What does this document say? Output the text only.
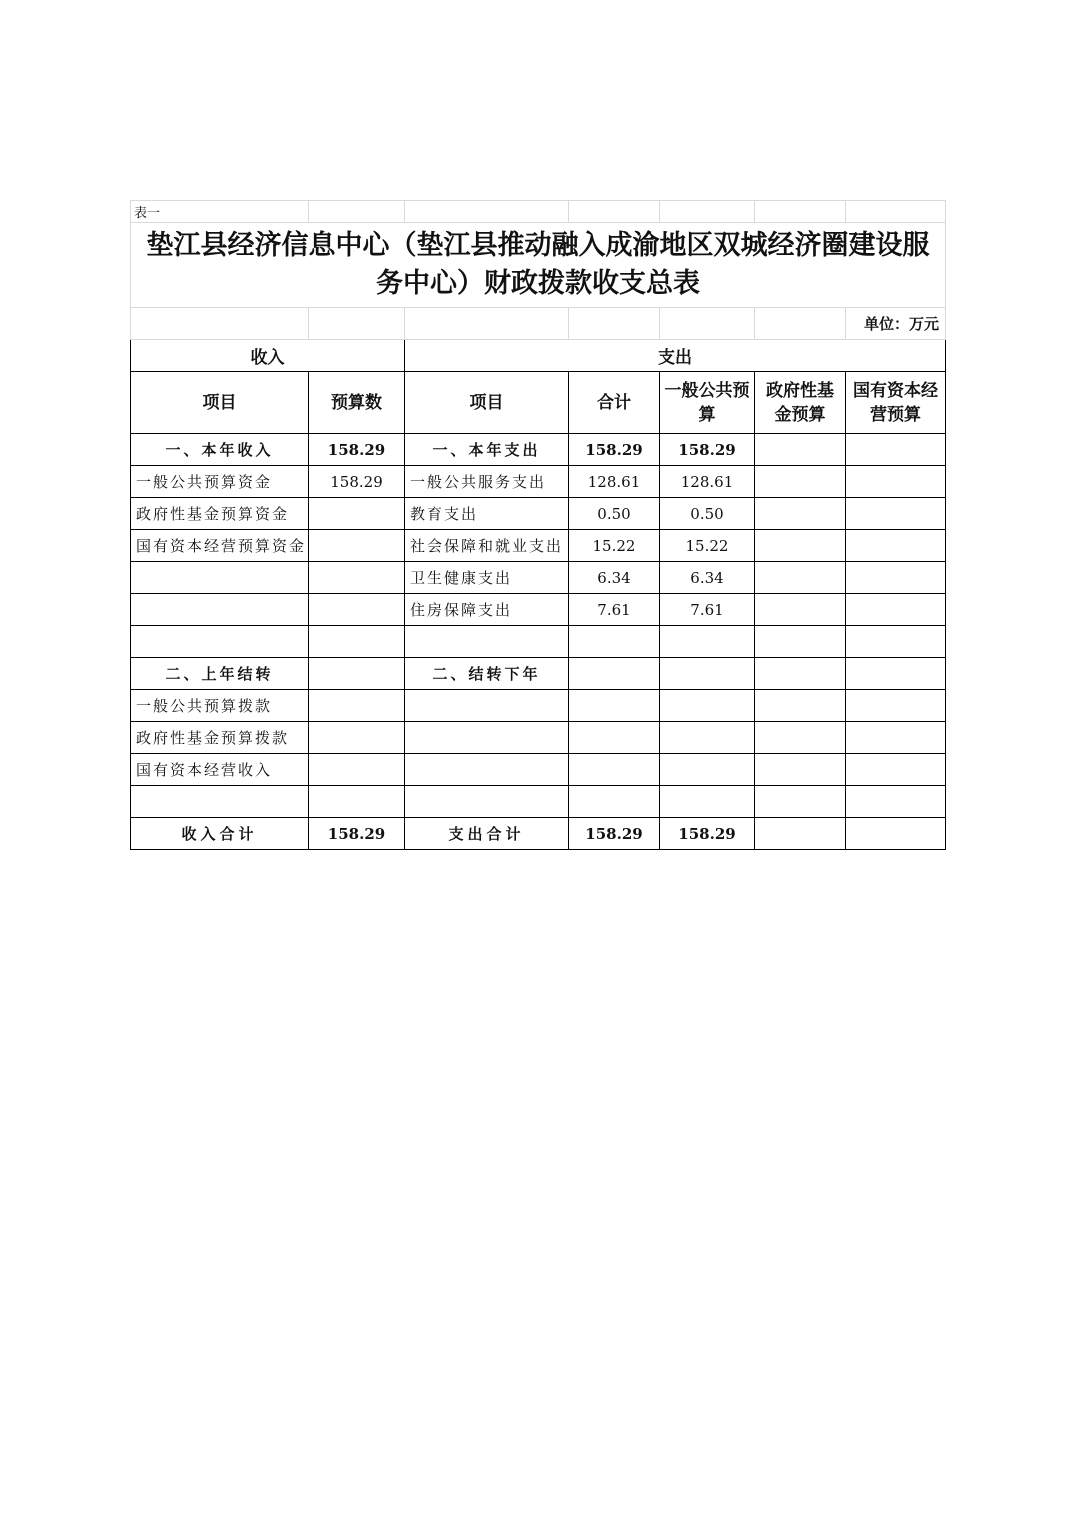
表一						
垫江县经济信息中心（垫江县推动融入成渝地区双城经济圈建设服务中心）财政拨款收支总表						
						单位：万元
收入		支出				
项目	预算数	项目	合计	一般公共预算	政府性基金预算	国有资本经营预算
一、本年收入	158.29	一、本年支出	158.29	158.29		
一般公共预算资金	158.29	一般公共服务支出	128.61	128.61		
政府性基金预算资金		教育支出	0.50	0.50		
国有资本经营预算资金		社会保障和就业支出	15.22	15.22		
		卫生健康支出	6.34	6.34		
		住房保障支出	7.61	7.61		

二、上年结转		二、结转下年				
一般公共预算拨款						
政府性基金预算拨款						
国有资本经营收入						

收入合计	158.29	支出合计	158.29	158.29		
